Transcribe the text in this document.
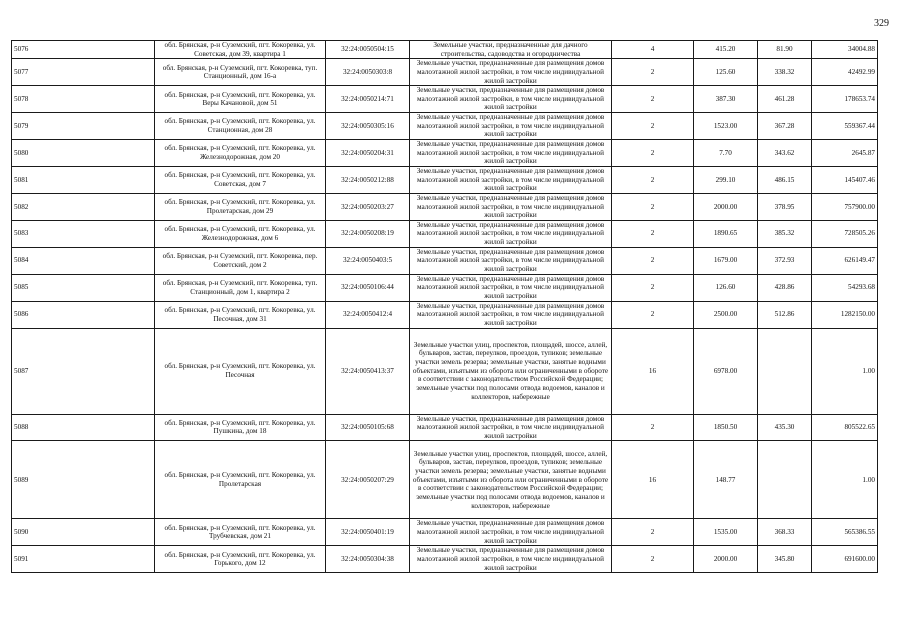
329
5076	обл. Брянская, р-н Суземский, пгт. Кокоревка, ул. Советская, дом 39, квартира 1	32:24:0050504:15	Земельные участки, предназначенные для дачного строительства, садоводства и огородничества	4	415.20	81.90	34004.88
5077	обл. Брянская, р-н Суземский, пгт. Кокоревка, туп. Станционный, дом 16-а	32:24:0050303:8	Земельные участки, предназначенные для размещения домов малоэтажной жилой застройки, в том числе индивидуальной жилой застройки	2	125.60	338.32	42492.99
5078	обл. Брянская, р-н Суземский, пгт. Кокоревка, ул. Веры Качановой, дом 51	32:24:0050214:71	Земельные участки, предназначенные для размещения домов малоэтажной жилой застройки, в том числе индивидуальной жилой застройки	2	387.30	461.28	178653.74
5079	обл. Брянская, р-н Суземский, пгт. Кокоревка, ул. Станционная, дом 28	32:24:0050305:16	Земельные участки, предназначенные для размещения домов малоэтажной жилой застройки, в том числе индивидуальной жилой застройки	2	1523.00	367.28	559367.44
5080	обл. Брянская, р-н Суземский, пгт. Кокоревка, ул. Железнодорожная, дом 20	32:24:0050204:31	Земельные участки, предназначенные для размещения домов малоэтажной жилой застройки, в том числе индивидуальной жилой застройки	2	7.70	343.62	2645.87
5081	обл. Брянская, р-н Суземский, пгт. Кокоревка, ул. Советская, дом 7	32:24:0050212:88	Земельные участки, предназначенные для размещения домов малоэтажной жилой застройки, в том числе индивидуальной жилой застройки	2	299.10	486.15	145407.46
5082	обл. Брянская, р-н Суземский, пгт. Кокоревка, ул. Пролетарская, дом 29	32:24:0050203:27	Земельные участки, предназначенные для размещения домов малоэтажной жилой застройки, в том числе индивидуальной жилой застройки	2	2000.00	378.95	757900.00
5083	обл. Брянская, р-н Суземский, пгт. Кокоревка, ул. Железнодорожная, дом 6	32:24:0050208:19	Земельные участки, предназначенные для размещения домов малоэтажной жилой застройки, в том числе индивидуальной жилой застройки	2	1890.65	385.32	728505.26
5084	обл. Брянская, р-н Суземский, пгт. Кокоревка, пер. Советский, дом 2	32:24:0050403:5	Земельные участки, предназначенные для размещения домов малоэтажной жилой застройки, в том числе индивидуальной жилой застройки	2	1679.00	372.93	626149.47
5085	обл. Брянская, р-н Суземский, пгт. Кокоревка, туп. Станционный, дом 1, квартира 2	32:24:0050106:44	Земельные участки, предназначенные для размещения домов малоэтажной жилой застройки, в том числе индивидуальной жилой застройки	2	126.60	428.86	54293.68
5086	обл. Брянская, р-н Суземский, пгт. Кокоревка, ул. Песочная, дом 31	32:24:0050412:4	Земельные участки, предназначенные для размещения домов малоэтажной жилой застройки, в том числе индивидуальной жилой застройки	2	2500.00	512.86	1282150.00
5087	обл. Брянская, р-н Суземский, пгт. Кокоревка, ул. Песочная	32:24:0050413:37	Земельные участки улиц, проспектов, площадей, шоссе, аллей, бульваров, застав, переулков, проездов, тупиков; земельные участки земель резерва; земельные участки, занятые водными объектами, изъятыми из оборота или ограниченными в обороте в соответствии с законодательством Российской Федерации; земельные участки под полосами отвода водоемов, каналов и коллекторов, набережные	16	6978.00		1.00
5088	обл. Брянская, р-н Суземский, пгт. Кокоревка, ул. Пушкина, дом 18	32:24:0050105:68	Земельные участки, предназначенные для размещения домов малоэтажной жилой застройки, в том числе индивидуальной жилой застройки	2	1850.50	435.30	805522.65
5089	обл. Брянская, р-н Суземский, пгт. Кокоревка, ул. Пролетарская	32:24:0050207:29	Земельные участки улиц, проспектов, площадей, шоссе, аллей, бульваров, застав, переулков, проездов, тупиков; земельные участки земель резерва; земельные участки, занятые водными объектами, изъятыми из оборота или ограниченными в обороте в соответствии с законодательством Российской Федерации; земельные участки под полосами отвода водоемов, каналов и коллекторов, набережные	16	148.77		1.00
5090	обл. Брянская, р-н Суземский, пгт. Кокоревка, ул. Трубчевская, дом 21	32:24:0050401:19	Земельные участки, предназначенные для размещения домов малоэтажной жилой застройки, в том числе индивидуальной жилой застройки	2	1535.00	368.33	565386.55
5091	обл. Брянская, р-н Суземский, пгт. Кокоревка, ул. Горького, дом 12	32:24:0050304:38	Земельные участки, предназначенные для размещения домов малоэтажной жилой застройки, в том числе индивидуальной жилой застройки	2	2000.00	345.80	691600.00
